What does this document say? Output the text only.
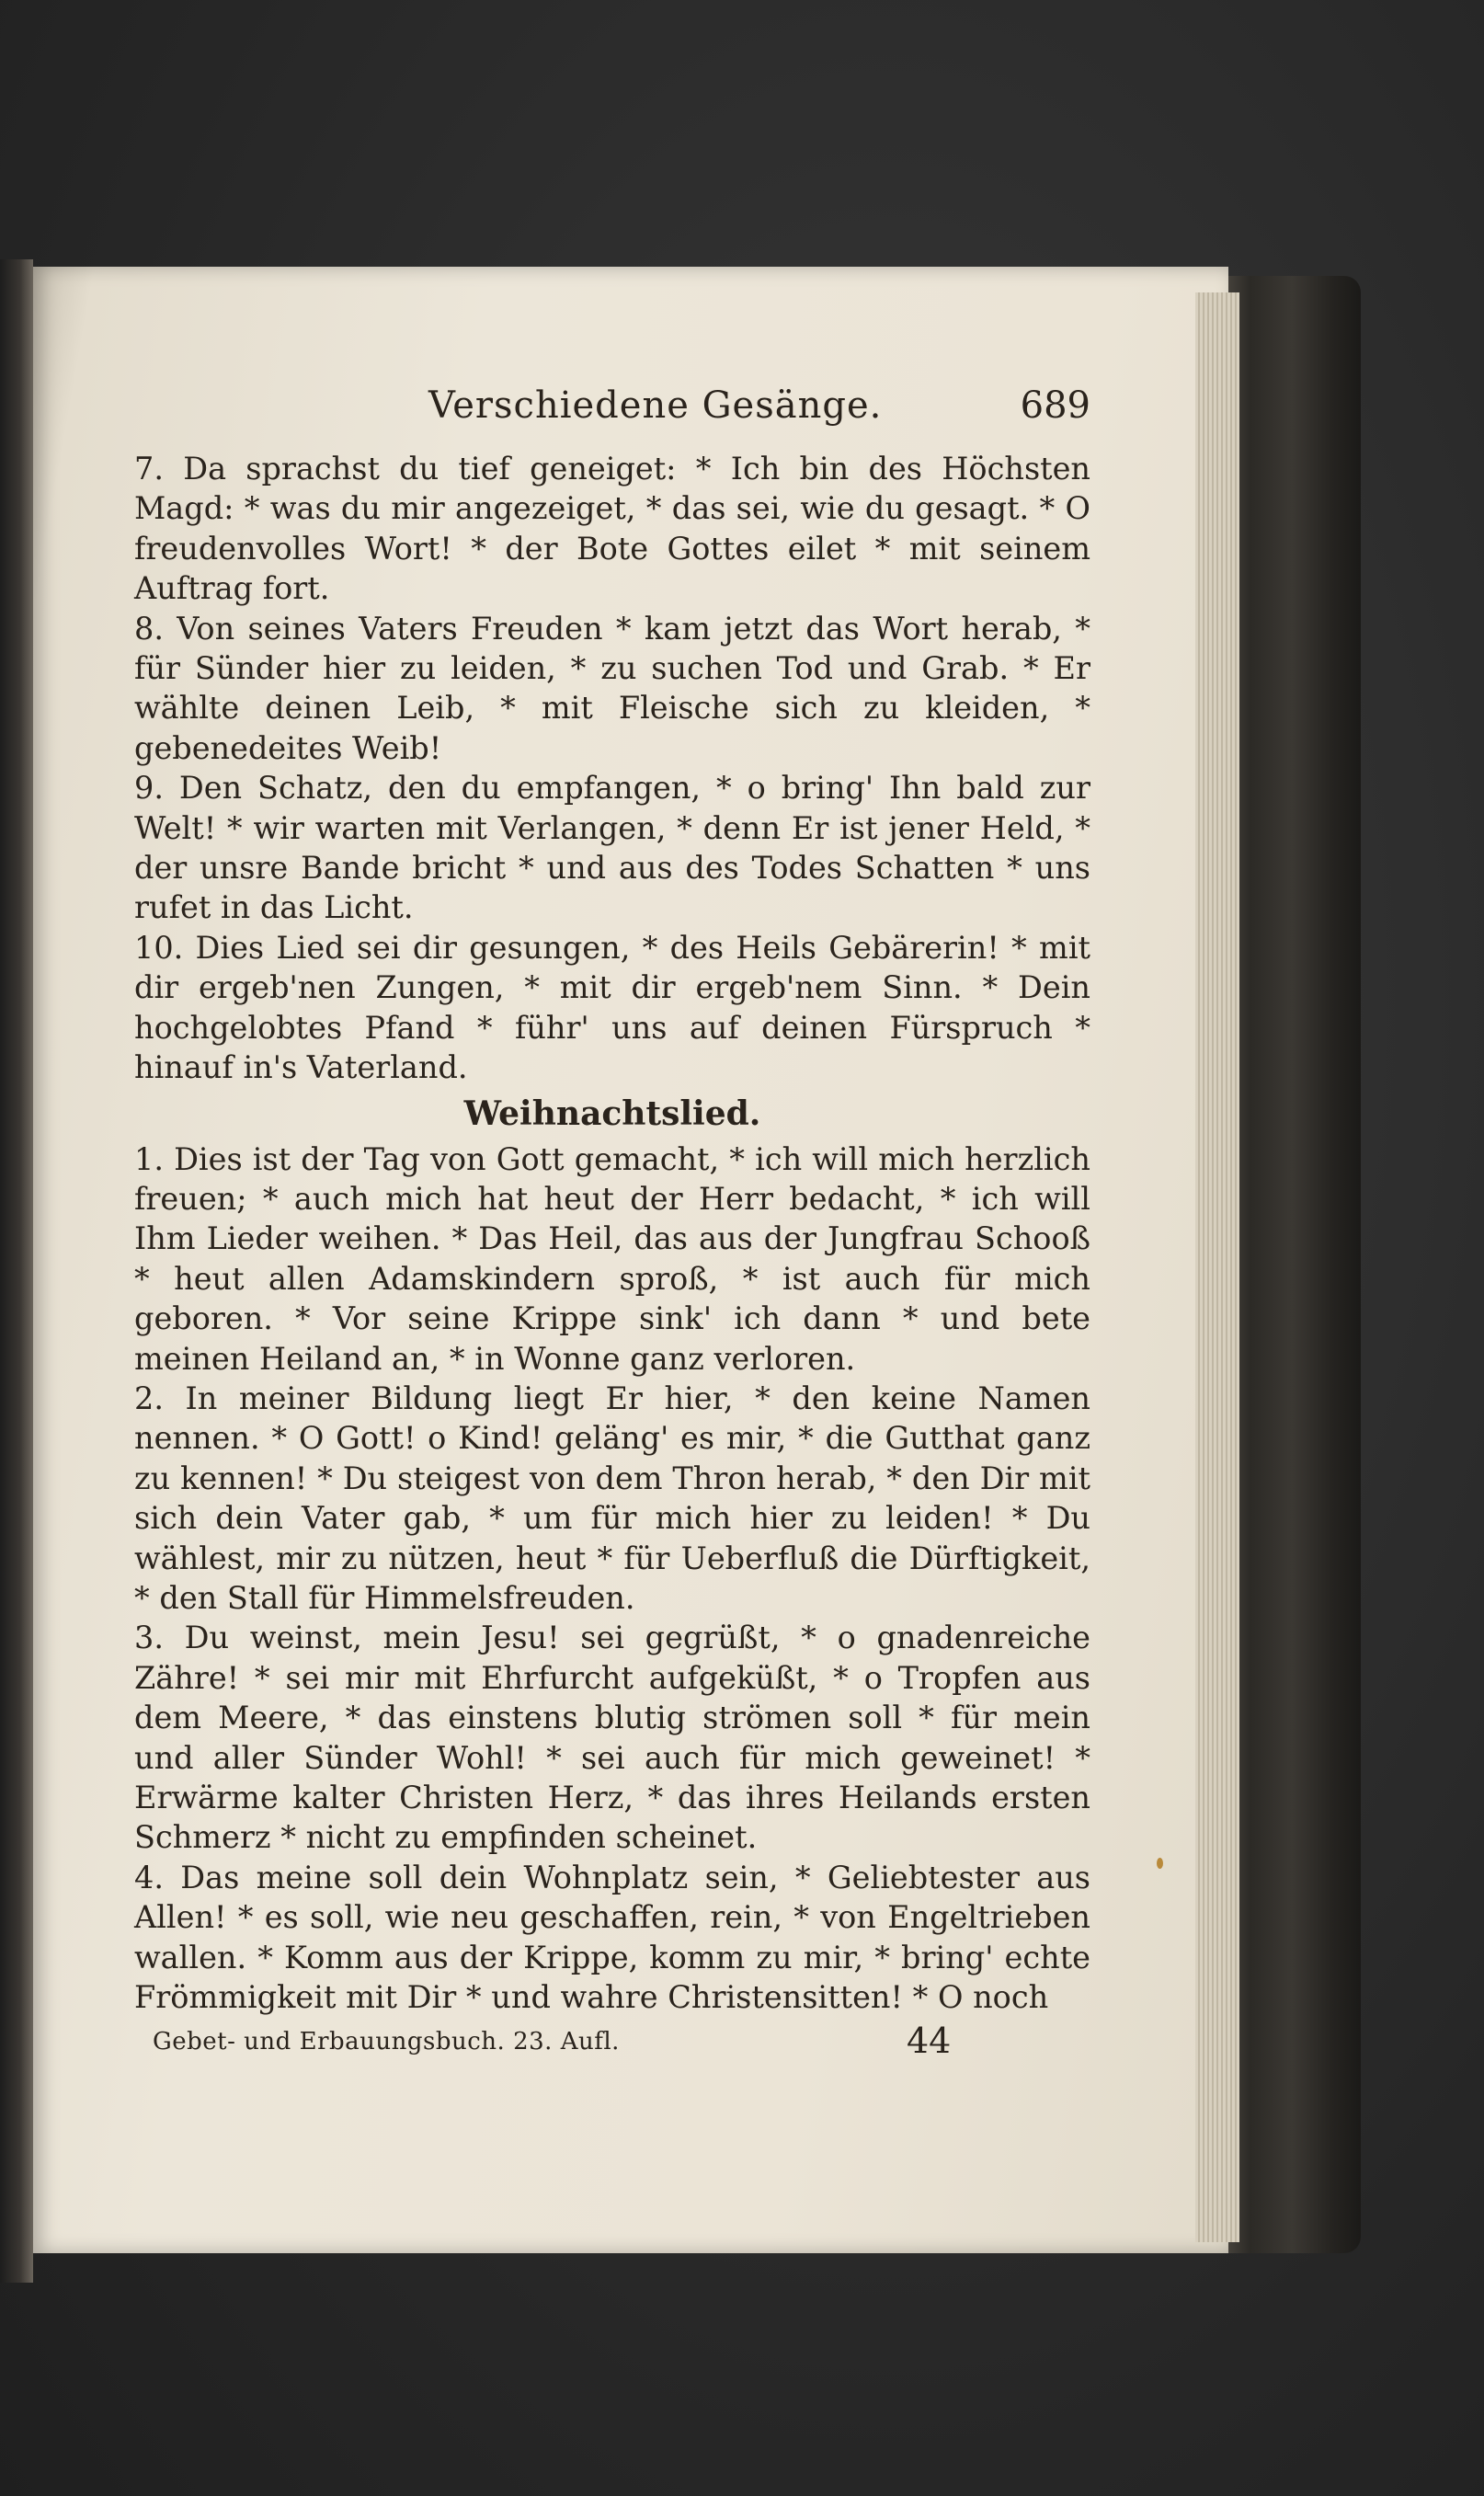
Verschiedene Gesänge.	689

7. Da sprachst du tief geneiget: * Ich bin des Höchsten Magd: * was du mir angezeiget, * das sei, wie du gesagt. * O freudenvolles Wort! * der Bote Gottes eilet * mit seinem Auftrag fort.

8. Von seines Vaters Freuden * kam jetzt das Wort herab, * für Sünder hier zu leiden, * zu suchen Tod und Grab. * Er wählte deinen Leib, * mit Fleische sich zu kleiden, * gebenedeites Weib!

9. Den Schatz, den du empfangen, * o bring' Ihn bald zur Welt! * wir warten mit Verlangen, * denn Er ist jener Held, * der unsre Bande bricht * und aus des Todes Schatten * uns rufet in das Licht.

10. Dies Lied sei dir gesungen, * des Heils Gebärerin! * mit dir ergeb'nen Zungen, * mit dir ergeb'nem Sinn. * Dein hochgelobtes Pfand * führ' uns auf deinen Fürspruch * hinauf in's Vaterland.

Weihnachtslied.

1. Dies ist der Tag von Gott gemacht, * ich will mich herzlich freuen; * auch mich hat heut der Herr bedacht, * ich will Ihm Lieder weihen. * Das Heil, das aus der Jungfrau Schooß * heut allen Adamskindern sproß, * ist auch für mich geboren. * Vor seine Krippe sink' ich dann * und bete meinen Heiland an, * in Wonne ganz verloren.

2. In meiner Bildung liegt Er hier, * den keine Namen nennen. * O Gott! o Kind! geläng' es mir, * die Gutthat ganz zu kennen! * Du steigest von dem Thron herab, * den Dir mit sich dein Vater gab, * um für mich hier zu leiden! * Du wählest, mir zu nützen, heut * für Ueberfluß die Dürftigkeit, * den Stall für Himmelsfreuden.

3. Du weinst, mein Jesu! sei gegrüßt, * o gnadenreiche Zähre! * sei mir mit Ehrfurcht aufgeküßt, * o Tropfen aus dem Meere, * das einstens blutig strömen soll * für mein und aller Sünder Wohl! * sei auch für mich geweinet! * Erwärme kalter Christen Herz, * das ihres Heilands ersten Schmerz * nicht zu empfinden scheinet.

4. Das meine soll dein Wohnplatz sein, * Geliebtester aus Allen! * es soll, wie neu geschaffen, rein, * von Engeltrieben wallen. * Komm aus der Krippe, komm zu mir, * bring' echte Frömmigkeit mit Dir * und wahre Christensitten! * O noch

Gebet- und Erbauungsbuch. 23. Aufl.	44
